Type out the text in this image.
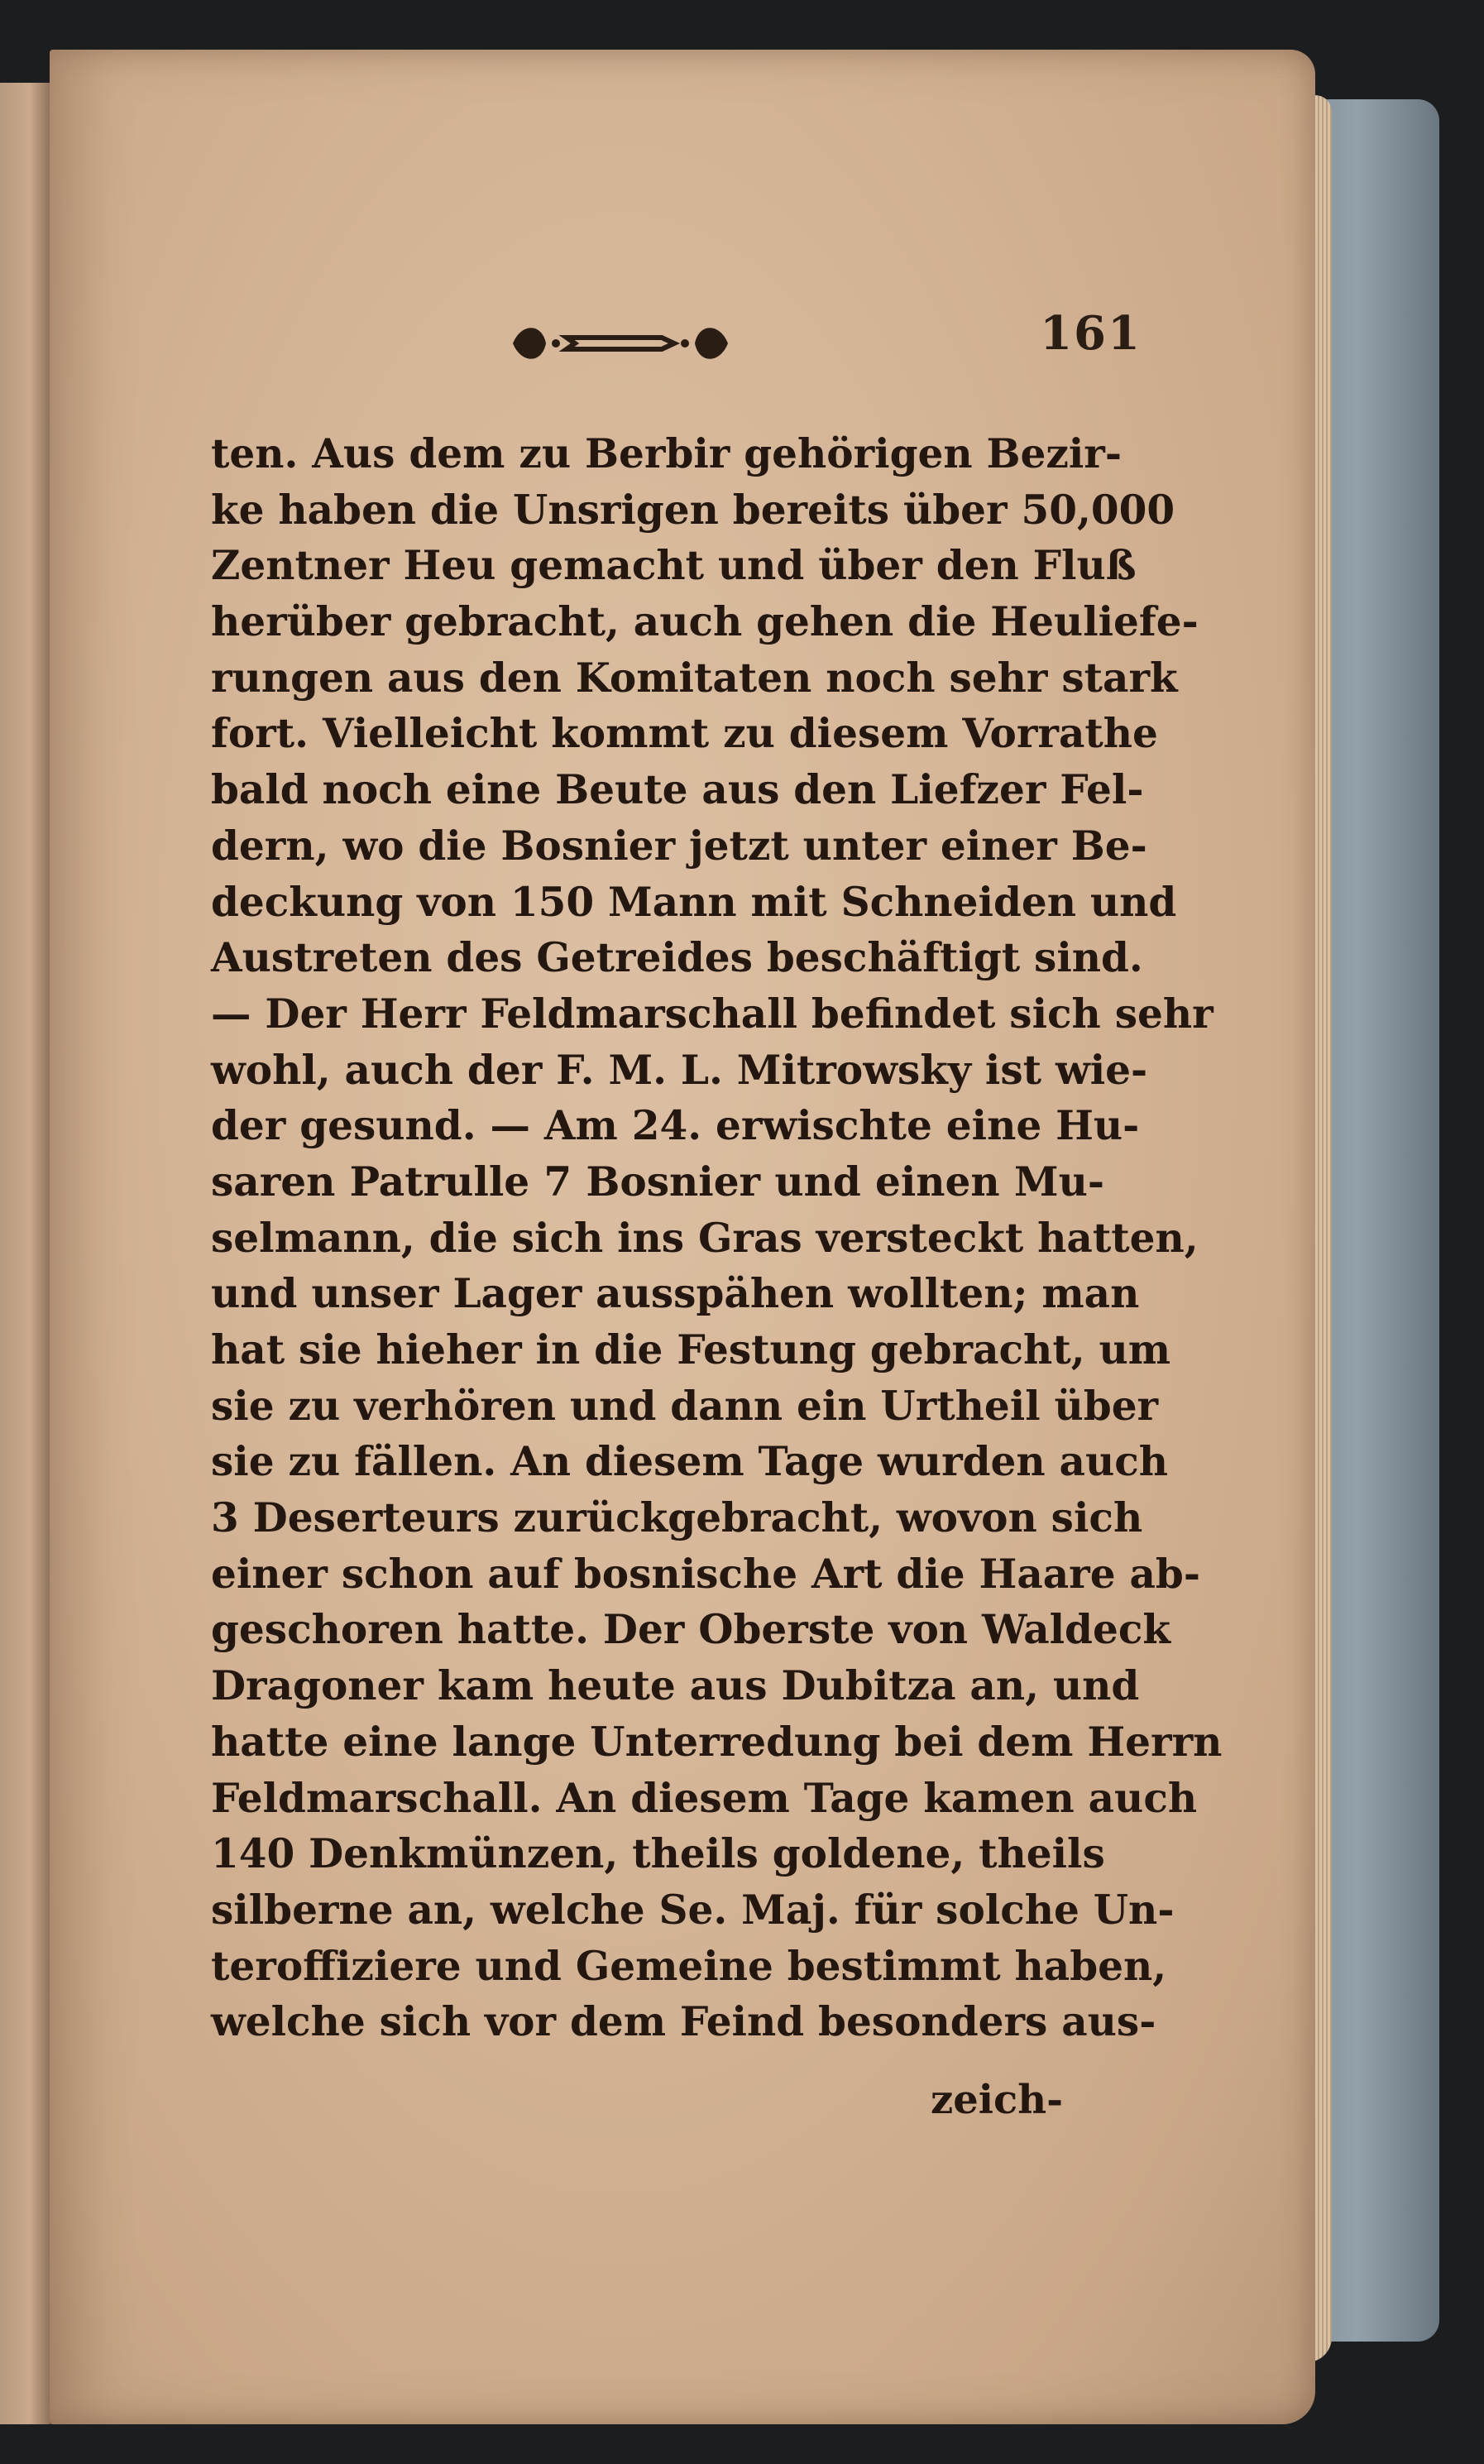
161
ten. Aus dem zu Berbir gehörigen Bezir-
ke haben die Unsrigen bereits über 50,000
Zentner Heu gemacht und über den Fluß
herüber gebracht, auch gehen die Heuliefe-
rungen aus den Komitaten noch sehr stark
fort. Vielleicht kommt zu diesem Vorrathe
bald noch eine Beute aus den Liefzer Fel-
dern, wo die Bosnier jetzt unter einer Be-
deckung von 150 Mann mit Schneiden und
Austreten des Getreides beschäftigt sind.
— Der Herr Feldmarschall befindet sich sehr
wohl, auch der F. M. L. Mitrowsky ist wie-
der gesund. — Am 24. erwischte eine Hu-
saren Patrulle 7 Bosnier und einen Mu-
selmann, die sich ins Gras versteckt hatten,
und unser Lager ausspähen wollten; man
hat sie hieher in die Festung gebracht, um
sie zu verhören und dann ein Urtheil über
sie zu fällen. An diesem Tage wurden auch
3 Deserteurs zurückgebracht, wovon sich
einer schon auf bosnische Art die Haare ab-
geschoren hatte. Der Oberste von Waldeck
Dragoner kam heute aus Dubitza an, und
hatte eine lange Unterredung bei dem Herrn
Feldmarschall. An diesem Tage kamen auch
140 Denkmünzen, theils goldene, theils
silberne an, welche Se. Maj. für solche Un-
teroffiziere und Gemeine bestimmt haben,
welche sich vor dem Feind besonders aus-
zeich-
